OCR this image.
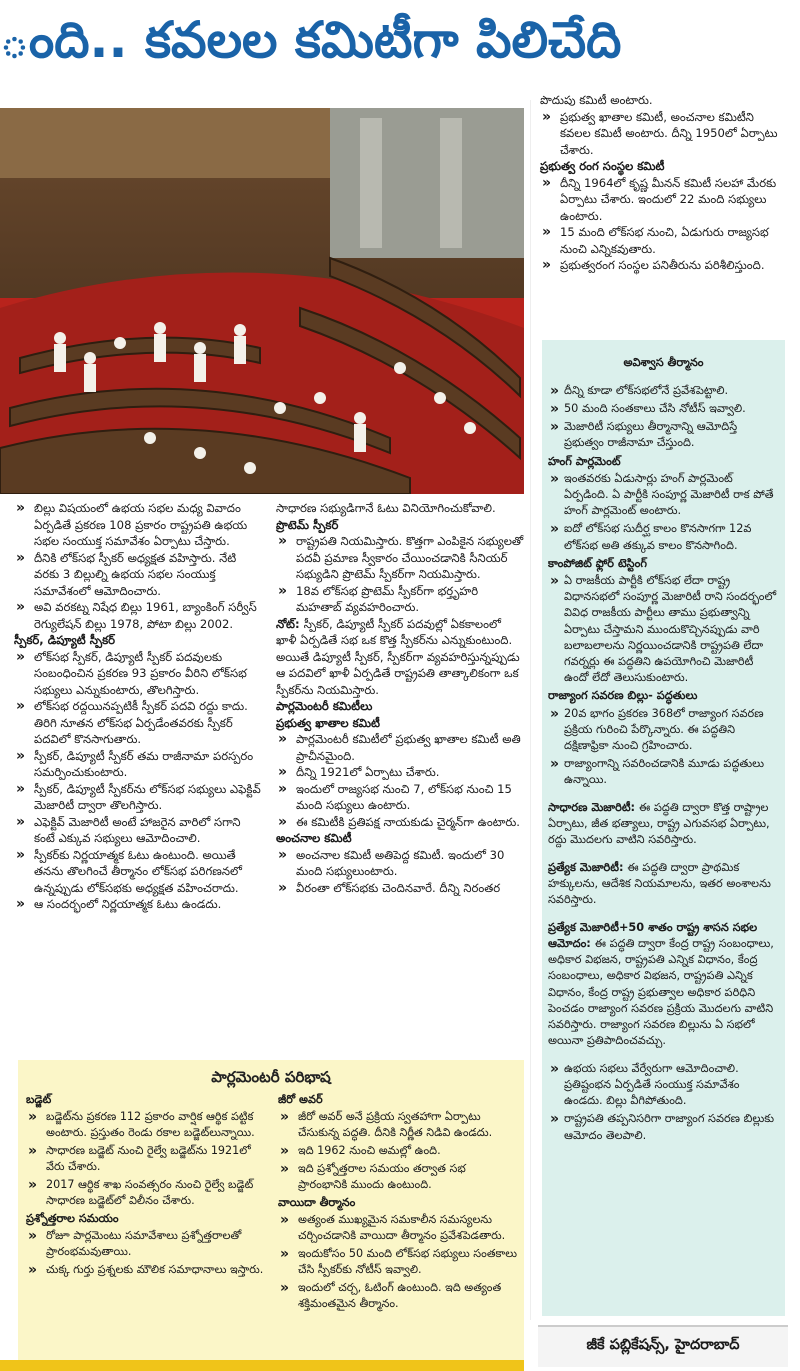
ంది.. కవలల కమిటీగా పిలిచేది

పొదుపు కమిటీ అంటారు.

» ప్రభుత్వ ఖాతాల కమిటీ, అంచనాల కమిటీని కవలల కమిటీ అంటారు. దీన్ని 1950లో ఏర్పాటు చేశారు.

ప్రభుత్వ రంగ సంస్థల కమిటీ

» దీన్ని 1964లో కృష్ణ మీనన్ కమిటీ సలహా మేరకు ఏర్పాటు చేశారు. ఇందులో 22 మంది సభ్యులు ఉంటారు.

» 15 మంది లోక్‌సభ నుంచి, ఏడుగురు రాజ్యసభ నుంచి ఎన్నికవుతారు.

» ప్రభుత్వరంగ సంస్థల పనితీరును పరిశీలిస్తుంది.

అవిశ్వాస తీర్మానం

» దీన్ని కూడా లోక్‌సభలోనే ప్రవేశపెట్టాలి.

» 50 మంది సంతకాలు చేసి నోటీస్ ఇవ్వాలి.

» మెజారిటీ సభ్యులు తీర్మానాన్ని ఆమోదిస్తే ప్రభుత్వం రాజీనామా చేస్తుంది.

హంగ్ పార్లమెంట్

» ఇంతవరకు ఏడుసార్లు హంగ్ పార్లమెంట్ ఏర్పడింది. ఏ పార్టీకి సంపూర్ణ మెజారిటీ రాక పోతే హంగ్ పార్లమెంట్ అంటారు.

» ఐదో లోక్‌సభ సుదీర్ఘ కాలం కొనసాగగా 12వ లోక్‌సభ అతి తక్కువ కాలం కొనసాగింది.

కాంపోజిట్ ఫ్లోర్ టెస్టింగ్

» ఏ రాజకీయ పార్టీకి లోక్‌సభ లేదా రాష్ట్ర విధానసభలో సంపూర్ణ మెజారిటీ రాని సందర్భంలో వివిధ రాజకీయ పార్టీలు తాము ప్రభుత్వాన్ని ఏర్పాటు చేస్తామని ముందుకొచ్చినప్పుడు వారి బలాబలాలను నిర్ణయించడానికి రాష్ట్రపతి లేదా గవర్నర్లు ఈ పద్ధతిని ఉపయోగించి మెజారిటీ ఉందో లేదో తెలుసుకుంటారు.

రాజ్యాంగ సవరణ బిల్లు- పద్ధతులు

» 20వ భాగం ప్రకరణ 368లో రాజ్యాంగ సవరణ ప్రక్రియ గురించి పేర్కొన్నారు. ఈ పద్ధతిని దక్షిణాఫ్రికా నుంచి గ్రహించారు.

» రాజ్యాంగాన్ని సవరించడానికి మూడు పద్ధతులు ఉన్నాయి.

సాధారణ మెజారిటీ: ఈ పద్ధతి ద్వారా కొత్త రాష్ట్రాల ఏర్పాటు, జీత భత్యాలు, రాష్ట్ర ఎగువసభ ఏర్పాటు, రద్దు మొదలగు వాటిని సవరిస్తారు.

ప్రత్యేక మెజారిటీ: ఈ పద్ధతి ద్వారా ప్రాథమిక హక్కులను, ఆదేశిక నియమాలను, ఇతర అంశాలను సవరిస్తారు.

ప్రత్యేక మెజారిటీ+50 శాతం రాష్ట్ర శాసన సభల ఆమోదం: ఈ పద్ధతి ద్వారా కేంద్ర రాష్ట్ర సంబంధాలు, అధికార విభజన, రాష్ట్రపతి ఎన్నిక విధానం, కేంద్ర సంబంధాలు, అధికార విభజన, రాష్ట్రపతి ఎన్నిక విధానం, కేంద్ర రాష్ట్ర ప్రభుత్వాల అధికార పరిధిని పెంచడం రాజ్యాంగ సవరణ ప్రక్రియ మొదలగు వాటిని సవరిస్తారు. రాజ్యాంగ సవరణ బిల్లును ఏ సభలో అయినా ప్రతిపాదించవచ్చు.

» ఉభయ సభలు వేర్వేరుగా ఆమోదించాలి. ప్రతిష్టంభన ఏర్పడితే సంయుక్త సమావేశం ఉండదు. బిల్లు వీగిపోతుంది.

» రాష్ట్రపతి తప్పనిసరిగా రాజ్యాంగ సవరణ బిల్లుకు ఆమోదం తెలపాలి.

» బిల్లు విషయంలో ఉభయ సభల మధ్య వివాదం ఏర్పడితే ప్రకరణ 108 ప్రకారం రాష్ట్రపతి ఉభయ సభల సంయుక్త సమావేశం ఏర్పాటు చేస్తారు.

» దీనికి లోక్‌సభ స్పీకర్ అధ్యక్షత వహిస్తారు. నేటి వరకు 3 బిల్లుల్ని ఉభయ సభల సంయుక్త సమావేశంలో ఆమోదించారు.

» అవి వరకట్న నిషేధ బిల్లు 1961, బ్యాంకింగ్ సర్వీస్ రెగ్యులేషన్ బిల్లు 1978, పోటా బిల్లు 2002.

స్పీకర్, డిప్యూటీ స్పీకర్

» లోక్‌సభ స్పీకర్, డిప్యూటీ స్పీకర్ పదవులకు సంబంధించిన ప్రకరణ 93 ప్రకారం వీరిని లోక్‌సభ సభ్యులు ఎన్నుకుంటారు, తొలగిస్తారు.

» లోక్‌సభ రద్దయినప్పటికీ స్పీకర్ పదవి రద్దు కాదు. తిరిగి నూతన లోక్‌సభ ఏర్పడేంతవరకు స్పీకర్ పదవిలో కొనసాగుతారు.

» స్పీకర్, డిప్యూటీ స్పీకర్ తమ రాజీనామా పరస్పరం సమర్పించుకుంటారు.

» స్పీకర్, డిప్యూటీ స్పీకర్‌ను లోక్‌సభ సభ్యులు ఎఫెక్టివ్ మెజారిటీ ద్వారా తొలగిస్తారు.

» ఎఫెక్టివ్ మెజారిటీ అంటే హాజరైన వారిలో సగాని కంటే ఎక్కువ సభ్యులు ఆమోదించాలి.

» స్పీకర్‌కు నిర్ణయాత్మక ఓటు ఉంటుంది. అయితే తనను తొలగించే తీర్మానం లోక్‌సభ పరిగణనలో ఉన్నప్పుడు లోక్‌సభకు అధ్యక్షత వహించరాదు.

» ఆ సందర్భంలో నిర్ణయాత్మక ఓటు ఉండదు.

సాధారణ సభ్యుడిగానే ఓటు వినియోగించుకోవాలి.

ప్రొటెమ్ స్పీకర్

» రాష్ట్రపతి నియమిస్తారు. కొత్తగా ఎంపికైన సభ్యులతో పదవీ ప్రమాణ స్వీకారం చేయించడానికి సీనియర్ సభ్యుడిని ప్రొటెమ్ స్పీకర్‌గా నియమిస్తారు.

» 18వ లోక్‌సభ ప్రొటెమ్ స్పీకర్‌గా భర్తృహరి మహతాబ్ వ్యవహరించారు.

నోట్: స్పీకర్, డిప్యూటీ స్పీకర్ పదవుల్లో ఏకకాలంలో ఖాళీ ఏర్పడితే సభ ఒక కొత్త స్పీకర్‌ను ఎన్నుకుంటుంది. అయితే డిప్యూటీ స్పీకర్, స్పీకర్‌గా వ్యవహరిస్తున్నప్పుడు ఆ పదవిలో ఖాళీ ఏర్పడితే రాష్ట్రపతి తాత్కాలికంగా ఒక స్పీకర్‌ను నియమిస్తారు.

పార్లమెంటరీ కమిటీలు

ప్రభుత్వ ఖాతాల కమిటీ

» పార్లమెంటరీ కమిటీలో ప్రభుత్వ ఖాతాల కమిటీ అతి ప్రాచీనమైంది.

» దీన్ని 1921లో ఏర్పాటు చేశారు.

» ఇందులో రాజ్యసభ నుంచి 7, లోక్‌సభ నుంచి 15 మంది సభ్యులు ఉంటారు.

» ఈ కమిటీకి ప్రతిపక్ష నాయకుడు చైర్మన్‌గా ఉంటారు.

అంచనాల కమిటీ

» అంచనాల కమిటీ అతిపెద్ద కమిటీ. ఇందులో 30 మంది సభ్యులుంటారు.

» వీరంతా లోక్‌సభకు చెందినవారే. దీన్ని నిరంతర

పార్లమెంటరీ పరిభాష

బడ్జెట్

» బడ్జెట్‌ను ప్రకరణ 112 ప్రకారం వార్షిక ఆర్థిక పట్టిక అంటారు. ప్రస్తుతం రెండు రకాల బడ్జెట్‌లున్నాయి.

» సాధారణ బడ్జెట్ నుంచి రైల్వే బడ్జెట్‌ను 1921లో వేరు చేశారు.

» 2017 ఆర్థిక శాఖ సంవత్సరం నుంచి రైల్వే బడ్జెట్ సాధారణ బడ్జెట్‌లో విలీనం చేశారు.

ప్రశ్నోత్తరాల సమయం

» రోజూ పార్లమెంటు సమావేశాలు ప్రశ్నోత్తరాలతో ప్రారంభమవుతాయి.

» చుక్క గుర్తు ప్రశ్నలకు మౌలిక సమాధానాలు ఇస్తారు.

జీరో అవర్

» జీరో అవర్ అనే ప్రక్రియ స్వతహాగా ఏర్పాటు చేసుకున్న పద్ధతి. దీనికి నిర్ణీత నిడివి ఉండదు.

» ఇది 1962 నుంచి అమల్లో ఉంది.

» ఇది ప్రశ్నోత్తరాల సమయం తర్వాత సభ ప్రారంభానికి ముందు ఉంటుంది.

వాయిదా తీర్మానం

» అత్యంత ముఖ్యమైన సమకాలీన సమస్యలను చర్చించడానికి వాయిదా తీర్మానం ప్రవేశపెడతారు.

» ఇందుకోసం 50 మంది లోక్‌సభ సభ్యులు సంతకాలు చేసి స్పీకర్‌కు నోటీస్ ఇవ్వాలి.

» ఇందులో చర్చ, ఓటింగ్ ఉంటుంది. ఇది అత్యంత శక్తిమంతమైన తీర్మానం.

జీకే పబ్లికేషన్స్, హైదరాబాద్
